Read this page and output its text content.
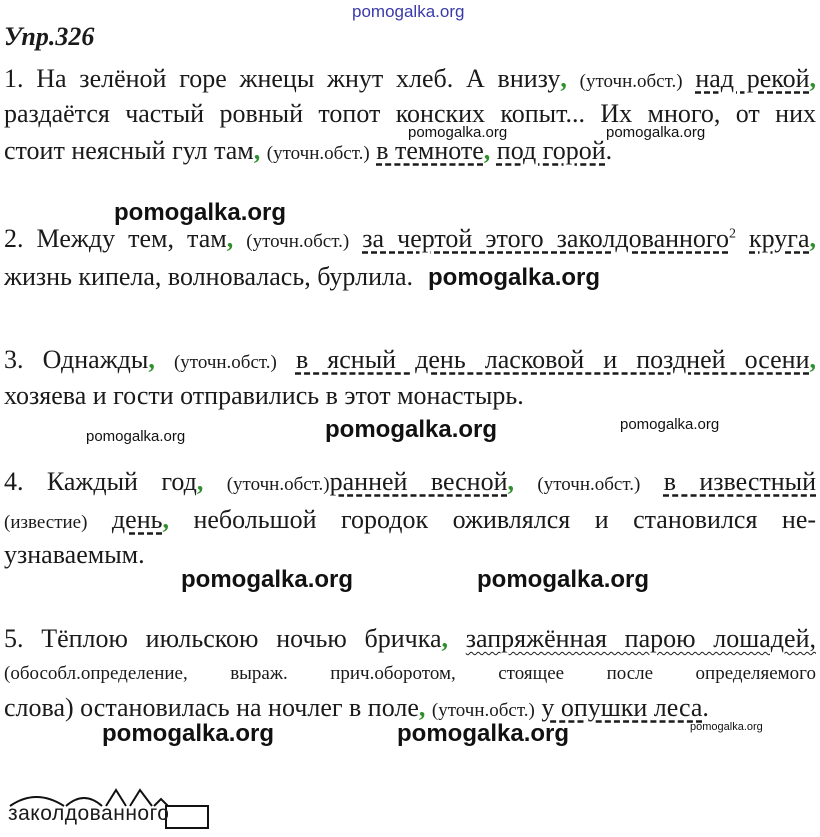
pomogalka.org
Упр.326
1. На зелёной горе жнецы жнут хлеб. А внизу, (уточн.обст.) над рекой,
раздаётся частый ровный топот конских копыт... Их много, от них
стоит неясный гул там, (уточн.обст.) в темноте, под горой.
pomogalka.org	pomogalka.org
pomogalka.org
2. Между тем, там, (уточн.обст.) за чертой этого заколдованного$^2$ круга,
жизнь кипела, волновалась, бурлила. pomogalka.org
3. Однажды, (уточн.обст.) в ясный день ласковой и поздней осени,
хозяева и гости отправились в этот монастырь.
pomogalka.org	pomogalka.org	pomogalka.org
4. Каждый год, (уточн.обст.)ранней весной, (уточн.обст.) в известный
(известие) день, небольшой городок оживлялся и становился не-
узнаваемым.
pomogalka.org	pomogalka.org
5. Тёплою июльскою ночью бричка, запряжённая парою лошадей,
(обособл.определение, выраж. прич.оборотом, стоящее после определяемого
слова) остановилась на ночлег в поле, (уточн.обст.) у опушки леса.
pomogalka.org	pomogalka.org	pomogalka.org
заколдованного
